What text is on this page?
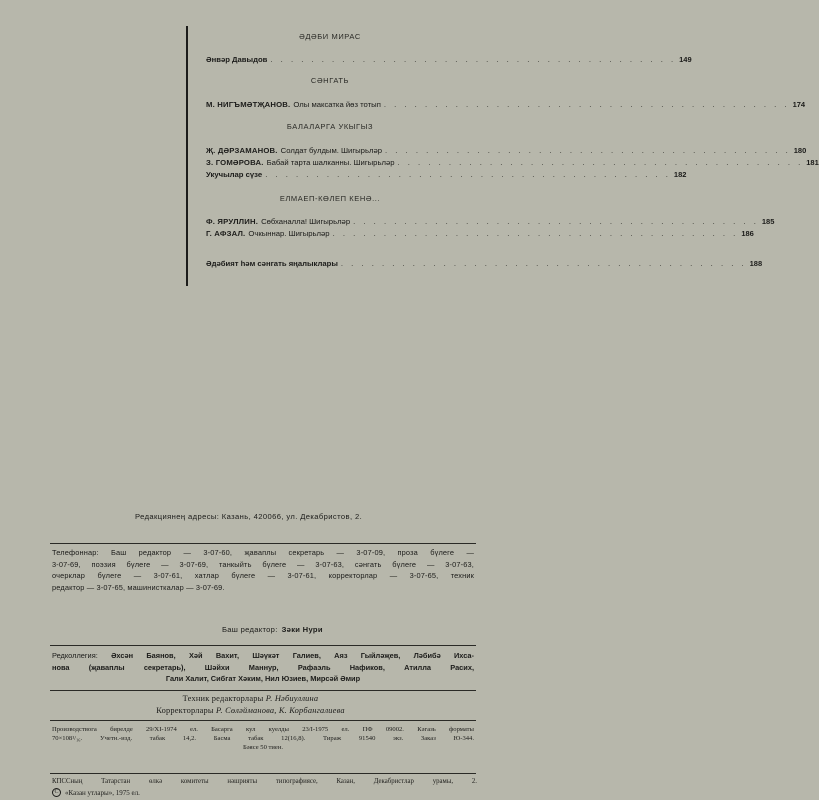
ӘДӘБИ МИРАС
Әнвәр Давыдов . . . . . . . . . . . . . . . . . . . . . . . . . . . . . . . . . . . . . . . . 149
СӘНГАТЬ
М. НИГЪМӘТҖАНОВ. Олы максатка йөз тотып . . . . . . . . . . . . . . . . . . . . . . . . . . . . . . . . . . . . . . . . 174
БАЛАЛАРГА УКЫГЫЗ
Җ. ДӘРЗАМАНОВ. Солдат булдым. Шигырьләр . . . . . . . . . . . . . . . . . . . . . . . . . . . . . . . . . . . . . . . . 180
З. ГОМӘРОВА. Бабай тарта шалканны. Шигырьләр . . . . . . . . . . . . . . . . . . . . . . . . . . . . . . . . . . . . . . . . 181
Укучылар сүзе . . . . . . . . . . . . . . . . . . . . . . . . . . . . . . . . . . . . . . . . 182
ЕЛМАЕП-КӨЛЕП КЕНӘ...
Ф. ЯРУЛЛИН. Сөбханалла! Шигырьләр . . . . . . . . . . . . . . . . . . . . . . . . . . . . . . . . . . . . . . . . 185
Г. АФЗАЛ. Очкыннар. Шигырьләр . . . . . . . . . . . . . . . . . . . . . . . . . . . . . . . . . . . . . . . . 186
Әдәбият һәм сәнгать яңалыклары . . . . . . . . . . . . . . . . . . . . . . . . . . . . . . . . . . . . . . . . 188
Редакциянең адресы: Казань, 420066, ул. Декабристов, 2.
Телефоннар: Баш редактор — 3-07-60, җаваплы секретарь — 3-07-09, проза бүлеге —
3-07-69, поэзия бүлеге — 3-07-69, танкыйть бүлеге — 3-07-63, сәнгать бүлеге — 3-07-63,
очерклар бүлеге — 3-07-61, хатлар бүлеге — 3-07-61, корректорлар — 3-07-65, техник
редактор — 3-07-65, машинисткалар — 3-07-69.
Баш редактор: Зәки Нури
Редколлегия: Әхсән Баянов, Хәй Вахит, Шәүкәт Галиев, Аяз Гыйләҗев, Ләбибә Ихса-
нова (җаваплы секретарь), Шәйхи Маннур, Рафаэль Нафиков, Атилла Расих,
Гали Халит, Сибгат Хәким, Нил Юзиев, Мирсәй Әмир
Техник редакторлары Р. Нәбиуллина
Корректорлары Р. Сөләйманова, К. Корбангалиева
Производствога бирелде 29/XI-1974 ел. Басарга кул куелды 23/I-1975 ел. ПФ 09002. Кәгазь форматы
70×108¹/₁₆. Учетн.-изд. табак 14,2. Басма табак 12(16,8). Тираж 91540 экз. Заказ Ю-344.
Бәясе 50 тиен.
КПССның Татарстан өлкә комитеты нәшрияты типографиясе, Казан, Декабристлар урамы, 2.
C «Казан утлары», 1975 ел.
